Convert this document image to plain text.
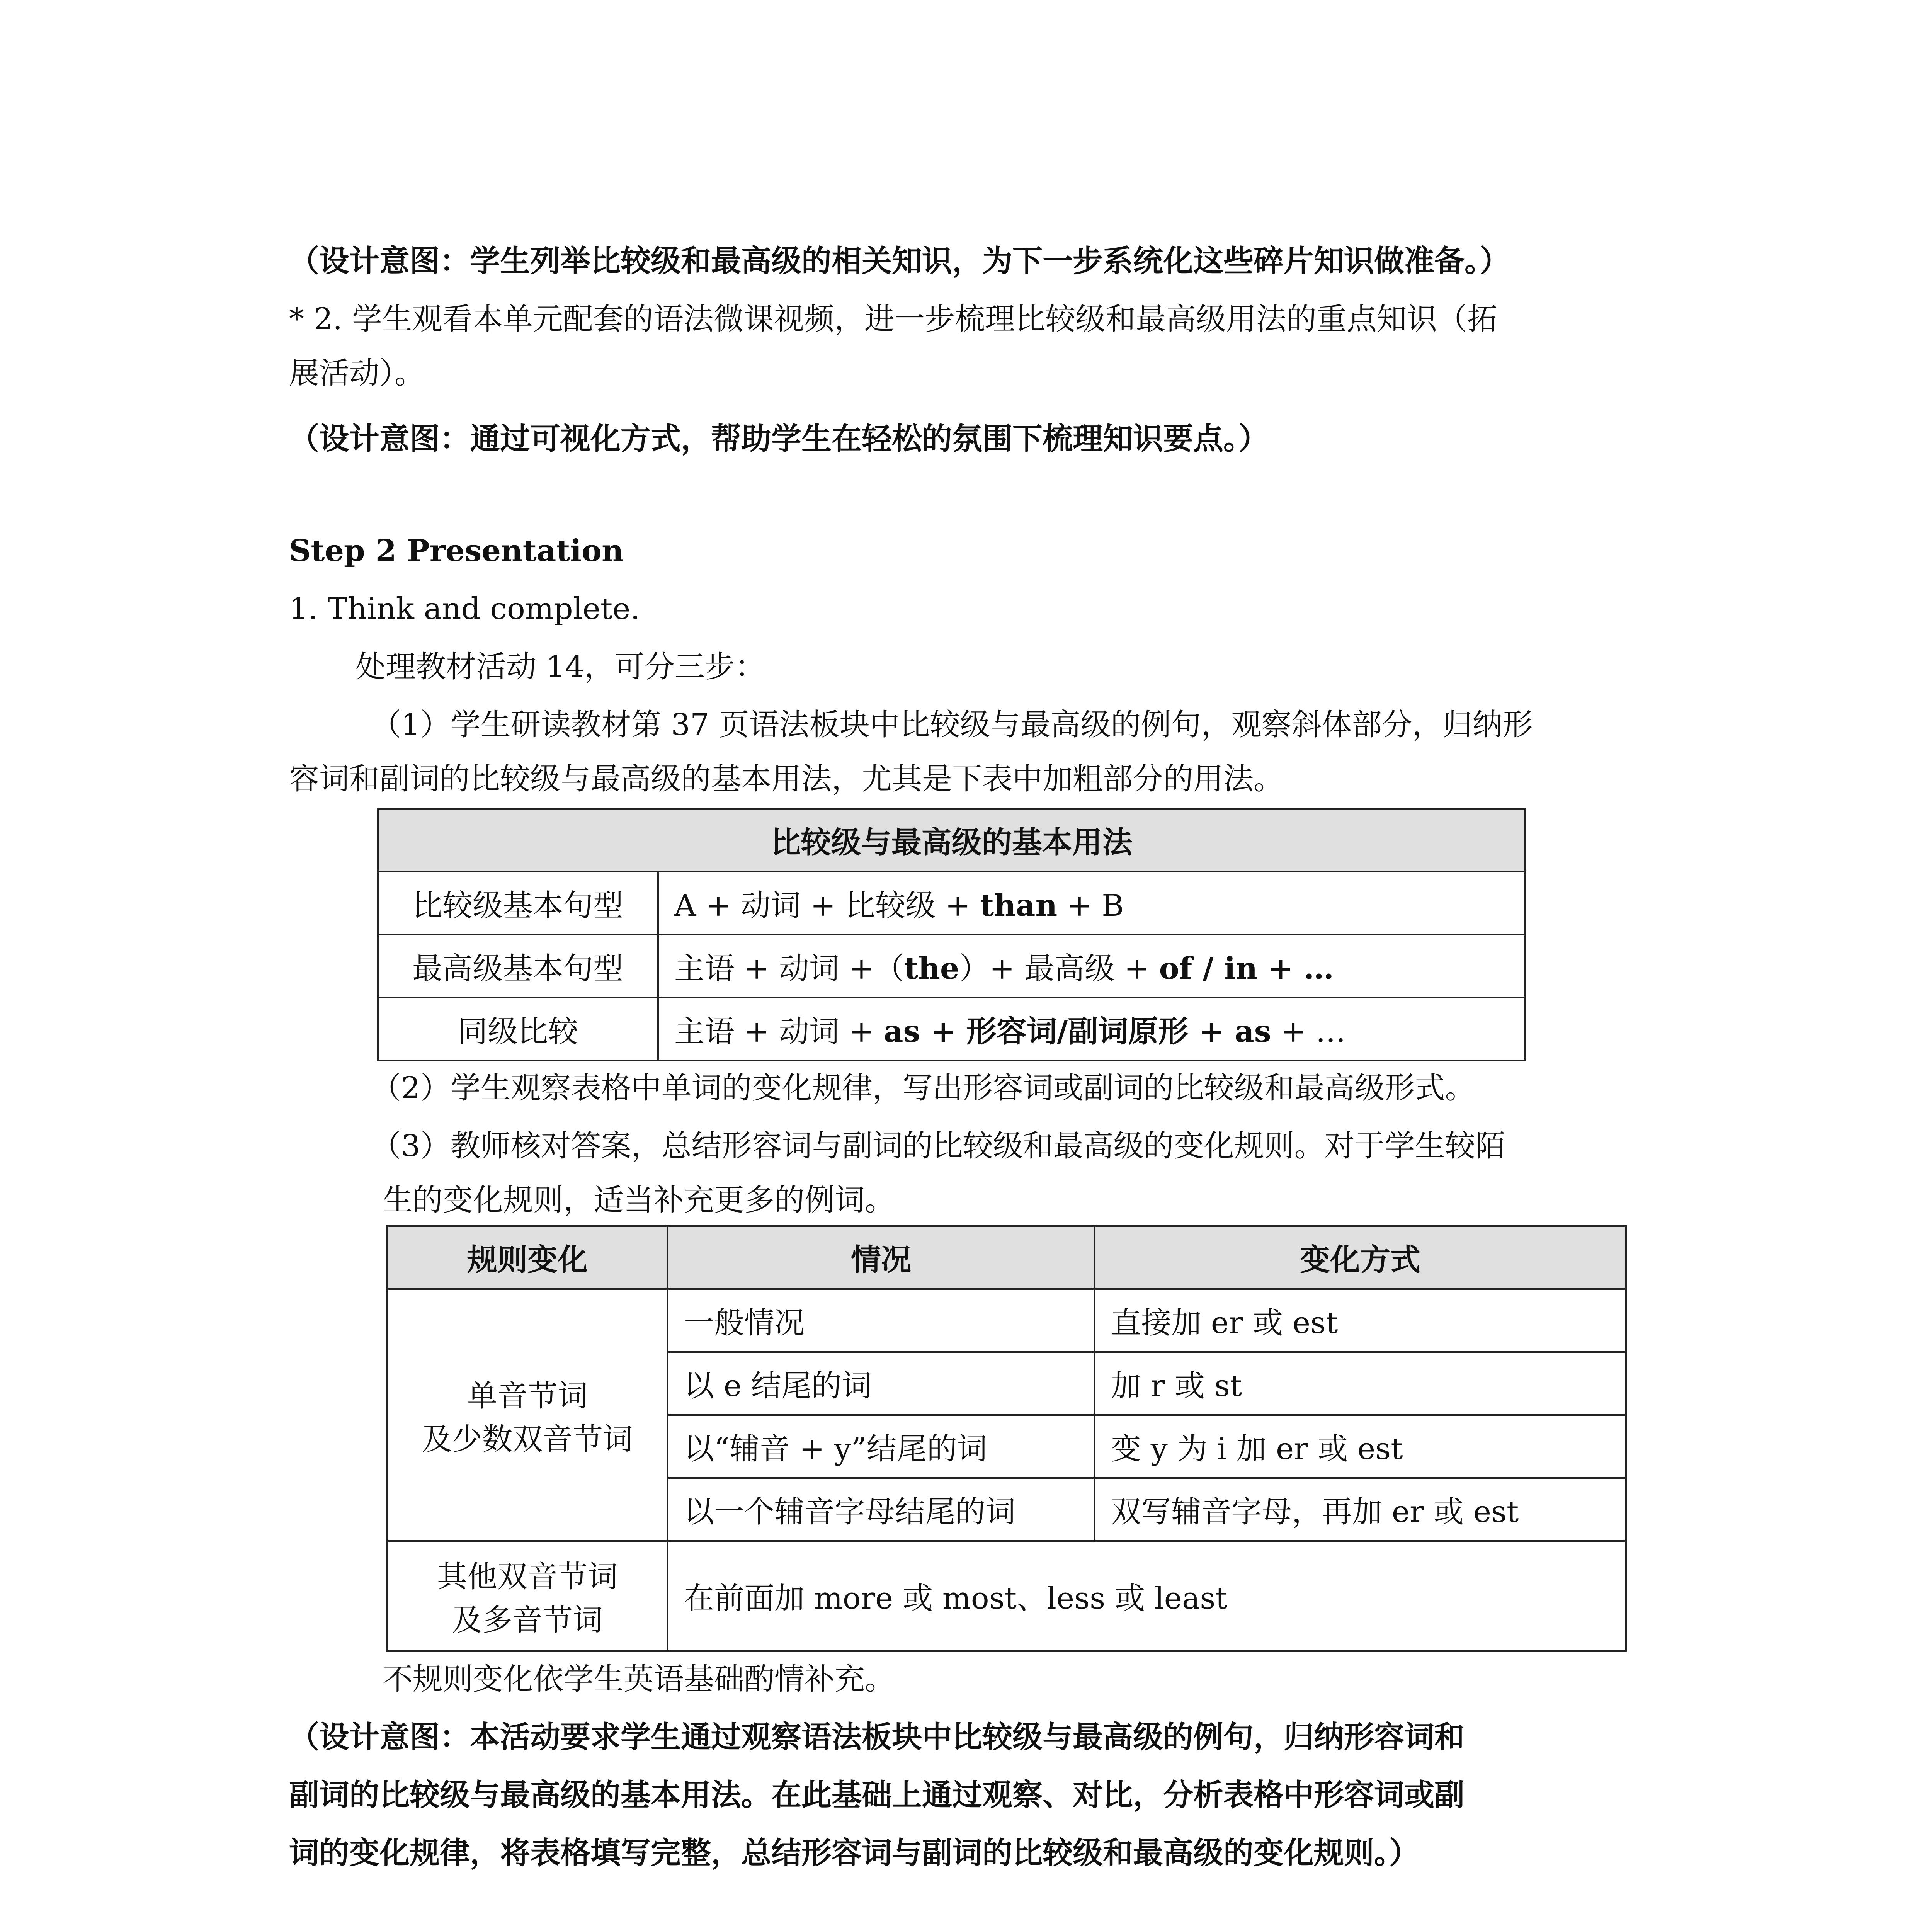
（设计意图：学生列举比较级和最高级的相关知识，为下一步系统化这些碎片知识做准备。）
* 2. 学生观看本单元配套的语法微课视频，进一步梳理比较级和最高级用法的重点知识（拓
展活动）。
（设计意图：通过可视化方式，帮助学生在轻松的氛围下梳理知识要点。）
Step 2 Presentation
1. Think and complete.
处理教材活动 14，可分三步：
（1）学生研读教材第 37 页语法板块中比较级与最高级的例句，观察斜体部分，归纳形
容词和副词的比较级与最高级的基本用法，尤其是下表中加粗部分的用法。
比较级与最高级的基本用法	
比较级基本句型	A + 动词 + 比较级 + than + B
最高级基本句型	主语 + 动词 +（the）+ 最高级 + of / in + …
同级比较	主语 + 动词 + as + 形容词/副词原形 + as + …
（2）学生观察表格中单词的变化规律，写出形容词或副词的比较级和最高级形式。
（3）教师核对答案，总结形容词与副词的比较级和最高级的变化规则。对于学生较陌
生的变化规则，适当补充更多的例词。
规则变化	情况	变化方式

单音节词
及少数双音节词	一般情况	直接加 er 或 est
	以 e 结尾的词	加 r 或 st
	以“辅音 + y”结尾的词	变 y 为 i 加 er 或 est
	以一个辅音字母结尾的词	双写辅音字母，再加 er 或 est

其他双音节词
及多音节词	在前面加 more 或 most、less 或 least	
不规则变化依学生英语基础酌情补充。
（设计意图：本活动要求学生通过观察语法板块中比较级与最高级的例句，归纳形容词和
副词的比较级与最高级的基本用法。在此基础上通过观察、对比，分析表格中形容词或副
词的变化规律，将表格填写完整，总结形容词与副词的比较级和最高级的变化规则。）
